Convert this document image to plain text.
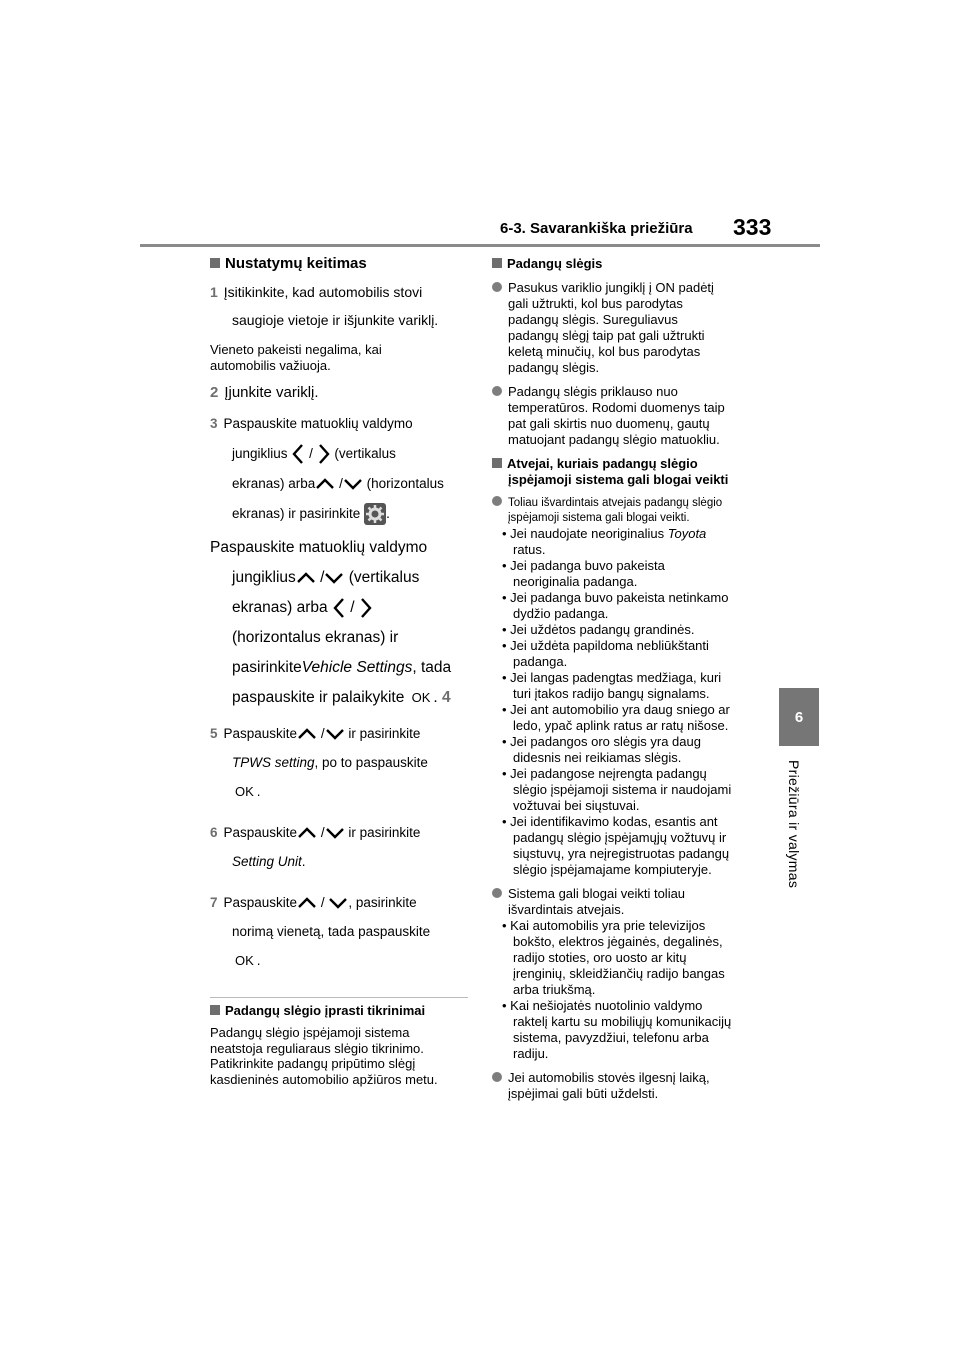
6-3. Savarankiška priežiūra 333
6
Priežiūra ir valymas

Nustatymų keitimas

1 Įsitikinkite, kad automobilis stovi
saugioje vietoje ir išjunkite variklį.

Vieneto pakeisti negalima, kai
automobilis važiuoja.

2 Įjunkite variklį.

3 Paspauskite matuoklių valdymo
jungiklius / (vertikalus
ekranas) arba / (horizontalus
ekranas) ir pasirinkite .
Paspauskite matuoklių valdymo
jungiklius / (vertikalus
ekranas) arba /
(horizontalus ekranas) ir
pasirinkiteVehicle Settings, tada
paspauskite ir palaikykite OK . 4
5 Paspauskite / ir pasirinkite
TPWS setting, po to paspauskite
OK .
6 Paspauskite / ir pasirinkite
Setting Unit.
7 Paspauskite / , pasirinkite
norimą vienetą, tada paspauskite
OK .

Padangų slėgio įprasti tikrinimai

Padangų slėgio įspėjamoji sistema
neatstoja reguliaraus slėgio tikrinimo.
Patikrinkite padangų pripūtimo slėgį
kasdieninės automobilio apžiūros metu.

Padangų slėgis

Pasukus variklio jungiklį į ON padėtį

gali užtrukti, kol bus parodytas
padangų slėgis. Sureguliavus
padangų slėgį taip pat gali užtrukti
keletą minučių, kol bus parodytas
padangų slėgis.

Padangų slėgis priklauso nuo

temperatūros. Rodomi duomenys taip
pat gali skirtis nuo duomenų, gautų
matuojant padangų slėgio matuokliu.

Atvejai, kuriais padangų slėgio

įspėjamoji sistema gali blogai veikti

Toliau išvardintais atvejais padangų slėgio

įspėjamoji sistema gali blogai veikti.
• Jei naudojate neoriginalius Toyota
ratus.
• Jei padanga buvo pakeista
neoriginalia padanga.
• Jei padanga buvo pakeista netinkamo
dydžio padanga.
• Jei uždėtos padangų grandinės.
• Jei uždėta papildoma nebliūkštanti
padanga.
• Jei langas padengtas medžiaga, kuri
turi įtakos radijo bangų signalams.
• Jei ant automobilio yra daug sniego ar
ledo, ypač aplink ratus ar ratų nišose.
• Jei padangos oro slėgis yra daug
didesnis nei reikiamas slėgis.
• Jei padangose neįrengta padangų
slėgio įspėjamoji sistema ir naudojami
vožtuvai bei siųstuvai.
• Jei identifikavimo kodas, esantis ant
padangų slėgio įspėjamųjų vožtuvų ir
siųstuvų, yra neįregistruotas padangų
slėgio įspėjamajame kompiuteryje.

Sistema gali blogai veikti toliau

išvardintais atvejais.
• Kai automobilis yra prie televizijos
bokšto, elektros jėgainės, degalinės,
radijo stoties, oro uosto ar kitų
įrenginių, skleidžiančių radijo bangas
arba triukšmą.
• Kai nešiojatės nuotolinio valdymo
raktelį kartu su mobiliųjų komunikacijų
sistema, pavyzdžiui, telefonu arba
radiju.

Jei automobilis stovės ilgesnį laiką,

įspėjimai gali būti uždelsti.
